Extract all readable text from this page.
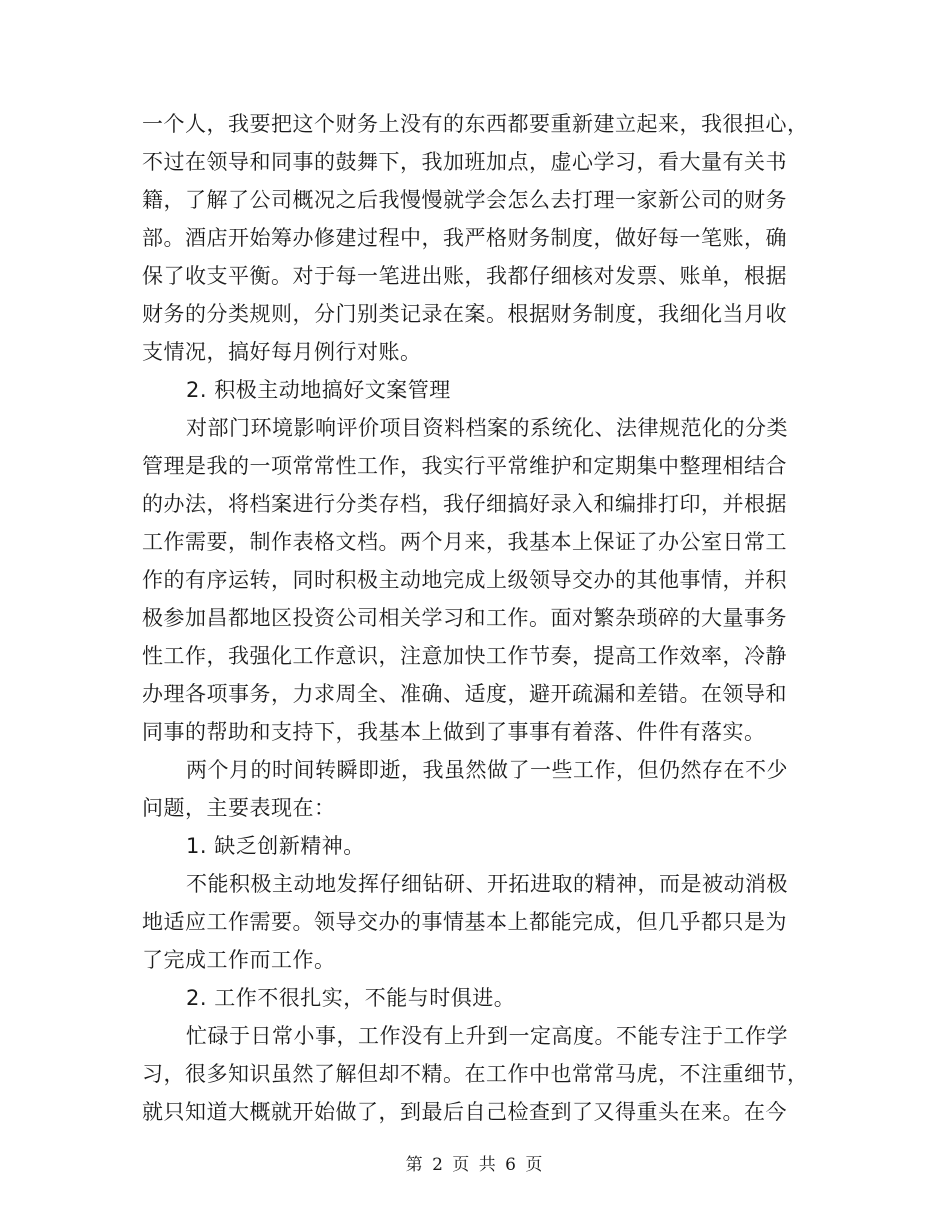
一个人，我要把这个财务上没有的东西都要重新建立起来，我很担心，
不过在领导和同事的鼓舞下，我加班加点，虚心学习，看大量有关书
籍，了解了公司概况之后我慢慢就学会怎么去打理一家新公司的财务
部。酒店开始筹办修建过程中，我严格财务制度，做好每一笔账，确
保了收支平衡。对于每一笔进出账，我都仔细核对发票、账单，根据
财务的分类规则，分门别类记录在案。根据财务制度，我细化当月收
支情况，搞好每月例行对账。
2. 积极主动地搞好文案管理
对部门环境影响评价项目资料档案的系统化、法律规范化的分类
管理是我的一项常常性工作，我实行平常维护和定期集中整理相结合
的办法，将档案进行分类存档，我仔细搞好录入和编排打印，并根据
工作需要，制作表格文档。两个月来，我基本上保证了办公室日常工
作的有序运转，同时积极主动地完成上级领导交办的其他事情，并积
极参加昌都地区投资公司相关学习和工作。面对繁杂琐碎的大量事务
性工作，我强化工作意识，注意加快工作节奏，提高工作效率，冷静
办理各项事务，力求周全、准确、适度，避开疏漏和差错。在领导和
同事的帮助和支持下，我基本上做到了事事有着落、件件有落实。
两个月的时间转瞬即逝，我虽然做了一些工作，但仍然存在不少
问题，主要表现在：
1. 缺乏创新精神。
不能积极主动地发挥仔细钻研、开拓进取的精神，而是被动消极
地适应工作需要。领导交办的事情基本上都能完成，但几乎都只是为
了完成工作而工作。
2. 工作不很扎实，不能与时俱进。
忙碌于日常小事，工作没有上升到一定高度。不能专注于工作学
习，很多知识虽然了解但却不精。在工作中也常常马虎，不注重细节，
就只知道大概就开始做了，到最后自己检查到了又得重头在来。在今
第 2 页 共 6 页
